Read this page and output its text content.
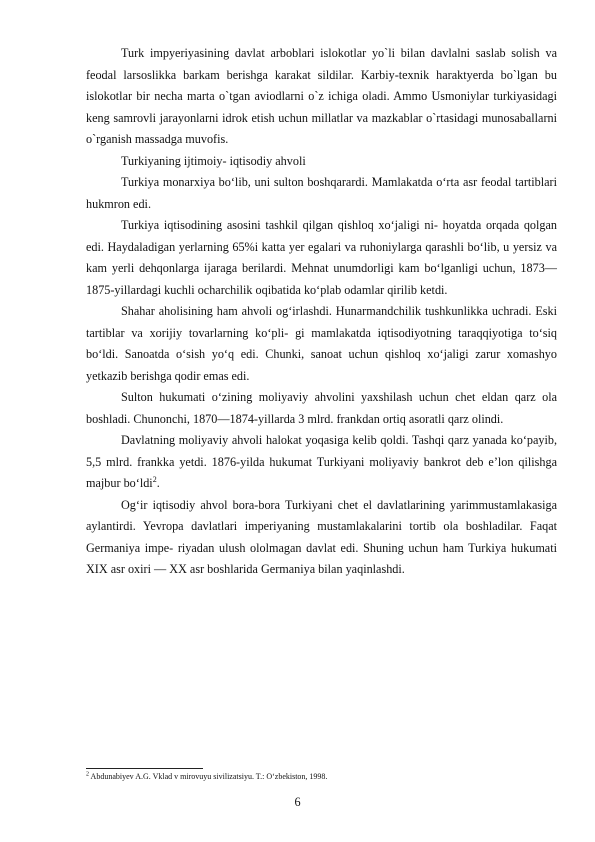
Turk impyeriyasining davlat arboblari islokotlar yo`li bilan davlalni saslab solish va feodal larsoslikka barkam berishga karakat sildilar. Karbiy-texnik haraktyerda bo`lgan bu islokotlar bir necha marta o`tgan aviodlarni o`z ichiga oladi. Ammo Usmoniylar turkiyasidagi keng samrovli jarayonlarni idrok etish uchun millatlar va mazkablar o`rtasidagi munosaballarni o`rganish massadga muvofis.

Turkiyaning ijtimoiy- iqtisodiy ahvoli

Turkiya monarxiya bo‘lib, uni sulton boshqarardi. Mamlakatda o‘rta asr feodal tartiblari hukmron edi.

Turkiya iqtisodining asosini tashkil qilgan qishloq xo‘jaligi ni- hoyatda orqada qolgan edi. Haydaladigan yerlarning 65%i katta yer egalari va ruhoniylarga qarashli bo‘lib, u yersiz va kam yerli dehqonlarga ijaraga berilardi. Mehnat unumdorligi kam bo‘lganligi uchun, 1873—1875-yillardagi kuchli ocharchilik oqibatida ko‘plab odamlar qirilib ketdi.

Shahar aholisining ham ahvoli og‘irlashdi. Hunarmandchilik tushkunlikka uchradi. Eski tartiblar va xorijiy tovarlarning ko‘pli- gi mamlakatda iqtisodiyotning taraqqiyotiga to‘siq bo‘ldi. Sanoatda o‘sish yo‘q edi. Chunki, sanoat uchun qishloq xo‘jaligi zarur xomashyo yetkazib berishga qodir emas edi.

Sulton hukumati o‘zining moliyaviy ahvolini yaxshilash uchun chet eldan qarz ola boshladi. Chunonchi, 1870—1874-yillarda 3 mlrd. frankdan ortiq asoratli qarz olindi.

Davlatning moliyaviy ahvoli halokat yoqasiga kelib qoldi. Tashqi qarz yanada ko‘payib, 5,5 mlrd. frankka yetdi. 1876-yilda hukumat Turkiyani moliyaviy bankrot deb e’lon qilishga majbur bo‘ldi$^2$.

Og‘ir iqtisodiy ahvol bora-bora Turkiyani chet el davlatlarining yarimmustamlakasiga aylantirdi. Yevropa davlatlari imperiyaning mustamlakalarini tortib ola boshladilar. Faqat Germaniya impe- riyadan ulush ololmagan davlat edi. Shuning uchun ham Turkiya hukumati XIX asr oxiri — XX asr boshlarida Germaniya bilan yaqinlashdi.

$^2$ Abdunabiyev A.G. Vklad v mirovuyu sivilizatsiyu. T.: O‘zbekiston, 1998.
6
